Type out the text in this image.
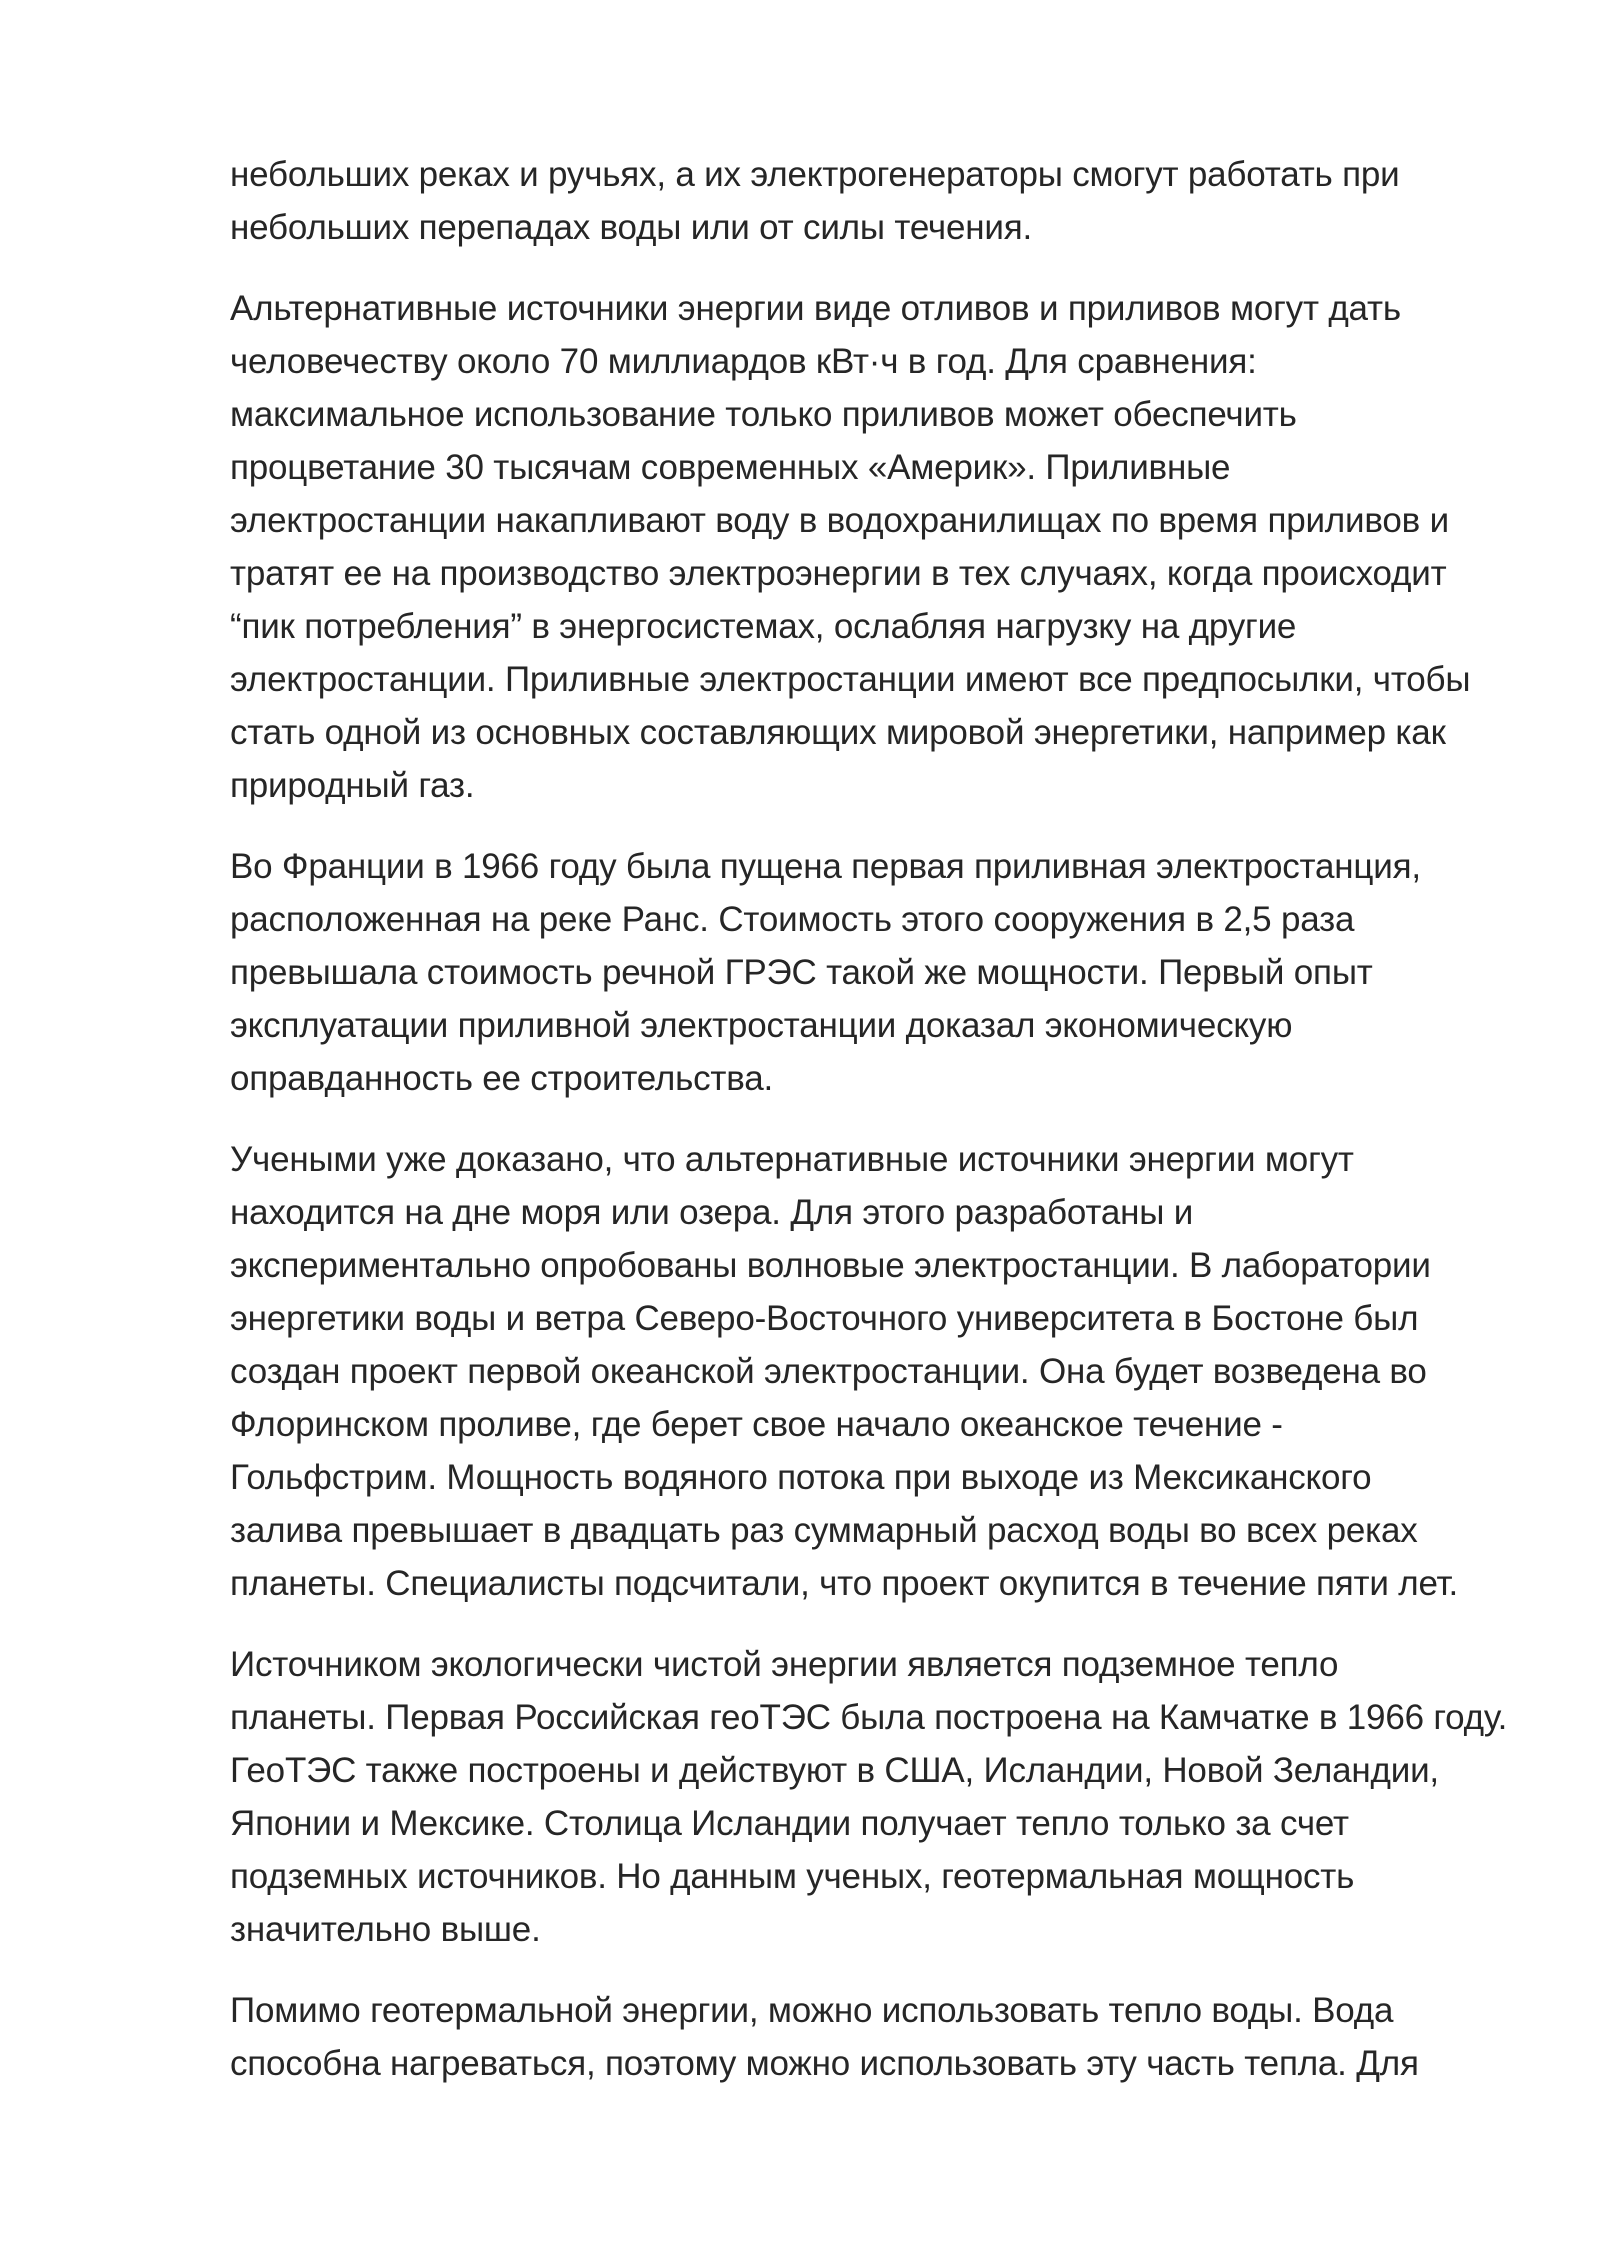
небольших реках и ручьях, а их электрогенераторы смогут работать при
небольших перепадах воды или от силы течения.

Альтернативные источники энергии виде отливов и приливов могут дать
человечеству около 70 миллиардов кВт·ч в год. Для сравнения:
максимальное использование только приливов может обеспечить
процветание 30 тысячам современных «Америк». Приливные
электростанции накапливают воду в водохранилищах по время приливов и
тратят ее на производство электроэнергии в тех случаях, когда происходит
“пик потребления” в энергосистемах, ослабляя нагрузку на другие
электростанции. Приливные электростанции имеют все предпосылки, чтобы
стать одной из основных составляющих мировой энергетики, например как
природный газ.

Во Франции в 1966 году была пущена первая приливная электростанция,
расположенная на реке Ранс. Стоимость этого сооружения в 2,5 раза
превышала стоимость речной ГРЭС такой же мощности. Первый опыт
эксплуатации приливной электростанции доказал экономическую
оправданность ее строительства.

Учеными уже доказано, что альтернативные источники энергии могут
находится на дне моря или озера. Для этого разработаны и
экспериментально опробованы волновые электростанции. В лаборатории
энергетики воды и ветра Северо-Восточного университета в Бостоне был
создан проект первой океанской электростанции. Она будет возведена во
Флоринском проливе, где берет свое начало океанское течение -
Гольфстрим. Мощность водяного потока при выходе из Мексиканского
залива превышает в двадцать раз суммарный расход воды во всех реках
планеты. Специалисты подсчитали, что проект окупится в течение пяти лет.

Источником экологически чистой энергии является подземное тепло
планеты. Первая Российская геоТЭС была построена на Камчатке в 1966 году.
ГеоТЭС также построены и действуют в США, Исландии, Новой Зеландии,
Японии и Мексике. Столица Исландии получает тепло только за счет
подземных источников. Но данным ученых, геотермальная мощность
значительно выше.

Помимо геотермальной энергии, можно использовать тепло воды. Вода
способна нагреваться, поэтому можно использовать эту часть тепла. Для
